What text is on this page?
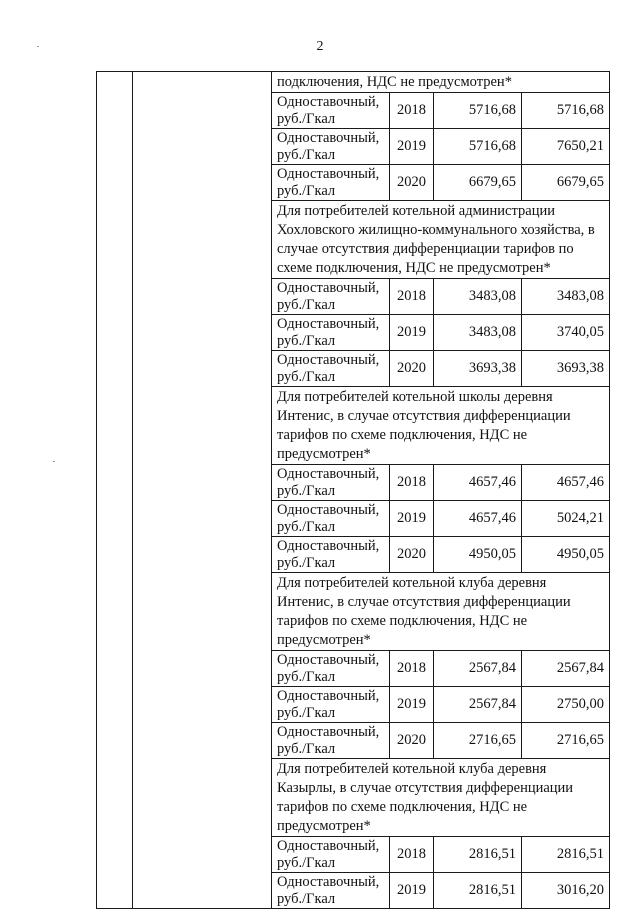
2
		подключения, НДС не предусмотрен*			
		Одноставочный, руб./Гкал	2018	5716,68	5716,68
		Одноставочный, руб./Гкал	2019	5716,68	7650,21
		Одноставочный, руб./Гкал	2020	6679,65	6679,65
		Для потребителей котельной администрации Хохловского жилищно-коммунального хозяйства, в случае отсутствия дифференциации тарифов по схеме подключения, НДС не предусмотрен*			
		Одноставочный, руб./Гкал	2018	3483,08	3483,08
		Одноставочный, руб./Гкал	2019	3483,08	3740,05
		Одноставочный, руб./Гкал	2020	3693,38	3693,38
		Для потребителей котельной школы деревня Интенис, в случае отсутствия дифференциации тарифов по схеме подключения, НДС не предусмотрен*			
		Одноставочный, руб./Гкал	2018	4657,46	4657,46
		Одноставочный, руб./Гкал	2019	4657,46	5024,21
		Одноставочный, руб./Гкал	2020	4950,05	4950,05
		Для потребителей котельной клуба деревня Интенис, в случае отсутствия дифференциации тарифов по схеме подключения, НДС не предусмотрен*			
		Одноставочный, руб./Гкал	2018	2567,84	2567,84
		Одноставочный, руб./Гкал	2019	2567,84	2750,00
		Одноставочный, руб./Гкал	2020	2716,65	2716,65
		Для потребителей котельной клуба деревня Казырлы, в случае отсутствия дифференциации тарифов по схеме подключения, НДС не предусмотрен*			
		Одноставочный, руб./Гкал	2018	2816,51	2816,51
		Одноставочный, руб./Гкал	2019	2816,51	3016,20
